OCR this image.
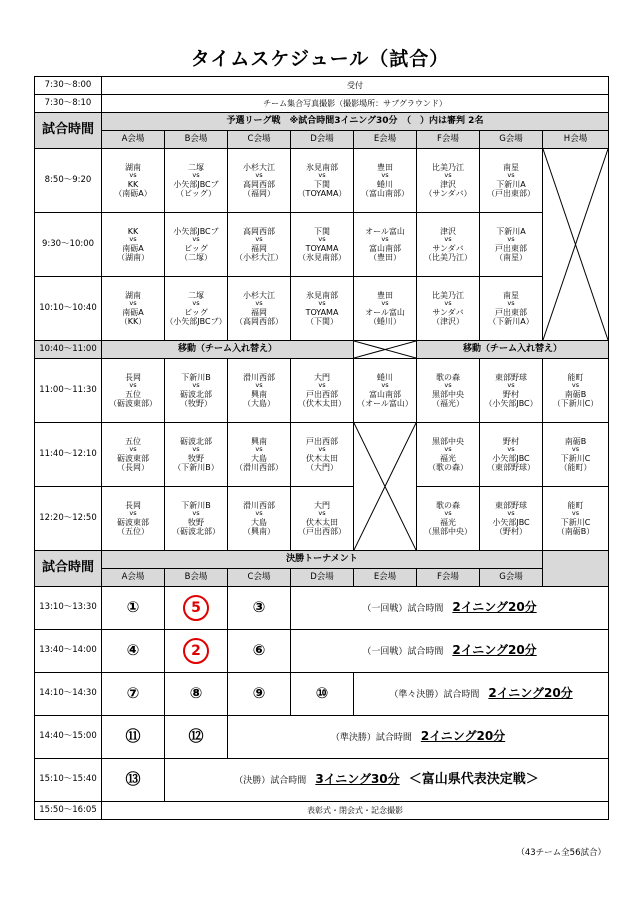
タイムスケジュール（試合）
7:30～8:00	受付							
7:30～8:10	チーム集合写真撮影（撮影場所：サブグラウンド）							
試合時間	予選リーグ戦　※試合時間3イニング30分　（　）内は審判 2名							
	A会場	B会場	C会場	D会場	E会場	F会場	G会場	H会場
8:50～9:20	湖南
vs
KK
（南砺A）	二塚
vs
小矢部JBCブ
（ビッグ）	小杉大江
vs
高岡西部
（福岡）	氷見南部
vs
下関
（TOYAMA）	豊田
vs
蜷川
（富山南部）	比美乃江
vs
津沢
（サンダバ）	南星
vs
下新川A
（戸出東部）

9:30～10:00	KK
vs
南砺A
（湖南）	小矢部JBCブ
vs
ビッグ
（二塚）	高岡西部
vs
福岡
（小杉大江）	下関
vs
TOYAMA
（氷見南部）	オール富山
vs
富山南部
（豊田）	津沢
vs
サンダバ
（比美乃江）	下新川A
vs
戸出東部
（南星）	

10:10～10:40	湖南
vs
南砺A
（KK）	二塚
vs
ビッグ
（小矢部JBCブ）	小杉大江
vs
福岡
（高岡西部）	氷見南部
vs
TOYAMA
（下関）	豊田
vs
オール富山
（蜷川）	比美乃江
vs
サンダバ
（津沢）	南星
vs
戸出東部
（下新川A）	

10:40～11:00	移動（チーム入れ替え）					移動（チーム入れ替え）		
11:00～11:30	長岡
vs
五位
（砺波東部）	下新川B
vs
砺波北部
（牧野）	滑川西部
vs
興南
（大島）	大門
vs
戸出西部
（伏木太田）	蜷川
vs
富山南部
（オール富山）	歌の森
vs
黒部中央
（福光）	東部野球
vs
野村
（小矢部JBC）	能町
vs
南砺B
（下新川C）

11:40～12:10	五位
vs
砺波東部
（長岡）	砺波北部
vs
牧野
（下新川B）	興南
vs
大島
（滑川西部）	戸出西部
vs
伏木太田
（大門）		黒部中央
vs
福光
（歌の森）	野村
vs
小矢部JBC
（東部野球）	南砺B
vs
下新川C
（能町）

12:20～12:50	長岡
vs
砺波東部
（五位）	下新川B
vs
牧野
（砺波北部）	滑川西部
vs
大島
（興南）	大門
vs
伏木太田
（戸出西部）		歌の森
vs
福光
（黒部中央）	東部野球
vs
小矢部JBC
（野村）	能町
vs
下新川C
（南砺B）

試合時間	決勝トーナメント							
	A会場	B会場	C会場	D会場	E会場	F会場	G会場	
13:10～13:30	①	5	③	（一回戦）試合時間　 2イニング20分				
13:40～14:00	④	2	⑥	（一回戦）試合時間　 2イニング20分				
14:10～14:30	⑦	⑧	⑨	⑩	（準々決勝）試合時間　 2イニング20分			
14:40～15:00	⑪	⑫	（準決勝）試合時間　 2イニング20分					
15:10～15:40	⑬	（決勝）試合時間　 3イニング30分　 ＜富山県代表決定戦＞						
15:50～16:05	表彰式・閉会式・記念撮影							
（43チーム全56試合）
